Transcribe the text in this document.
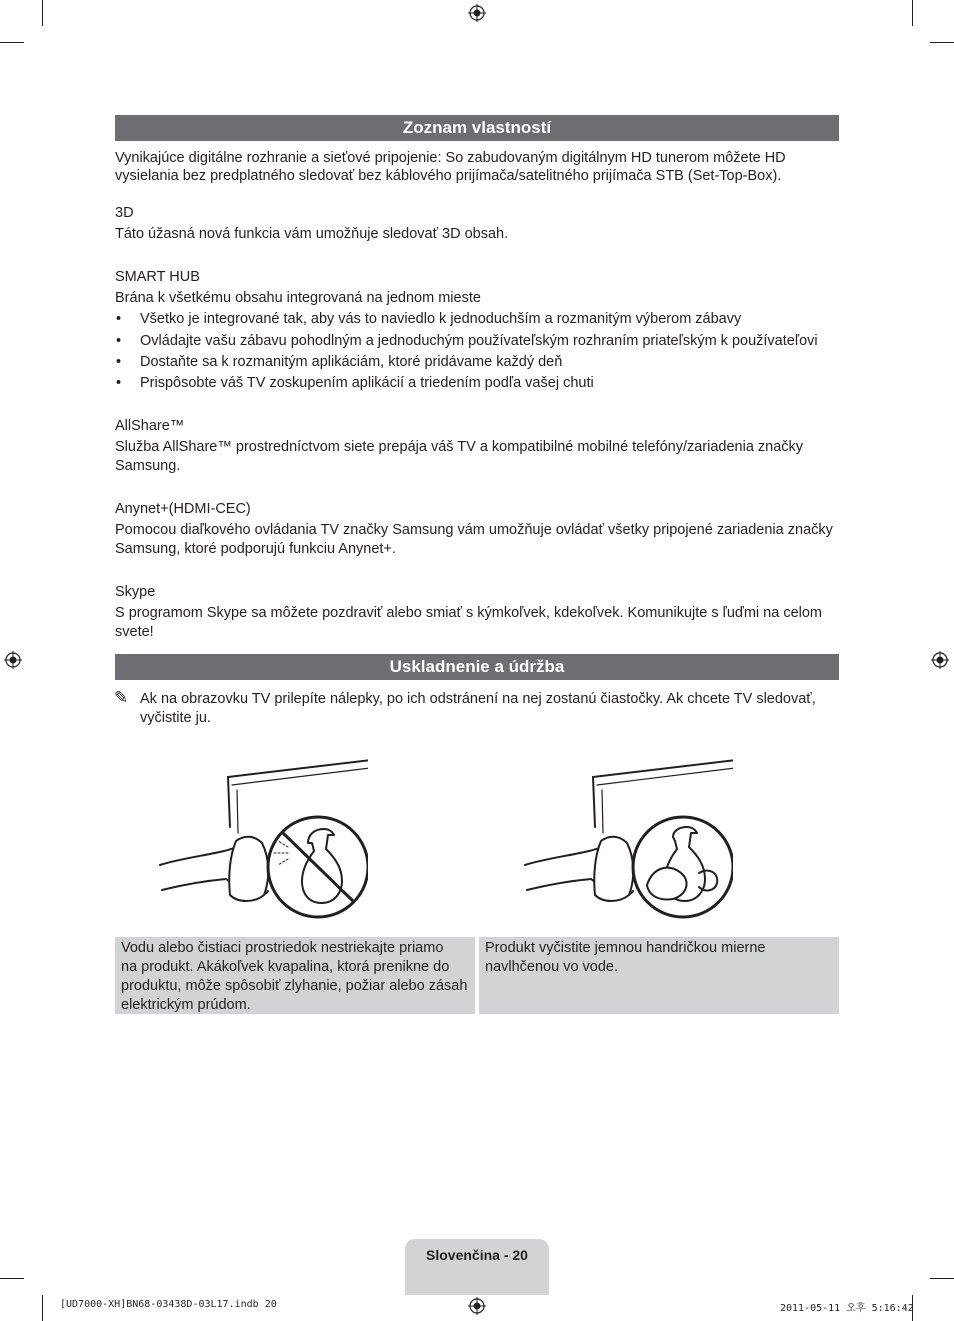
Zoznam vlastností
Vynikajúce digitálne rozhranie a sieťové pripojenie: So zabudovaným digitálnym HD tunerom môžete HD
vysielania bez predplatného sledovať bez káblového prijímača/satelitného prijímača STB (Set-Top-Box).
3D
Táto úžasná nová funkcia vám umožňuje sledovať 3D obsah.
SMART HUB
Brána k všetkému obsahu integrovaná na jednom mieste
• Všetko je integrované tak, aby vás to naviedlo k jednoduchším a rozmanitým výberom zábavy
• Ovládajte vašu zábavu pohodlným a jednoduchým používateľským rozhraním priateľským k používateľovi
• Dostaňte sa k rozmanitým aplikáciám, ktoré pridávame každý deň
• Prispôsobte váš TV zoskupením aplikácií a triedením podľa vašej chuti
AllShare™
Služba AllShare™ prostredníctvom siete prepája váš TV a kompatibilné mobilné telefóny/zariadenia značky
Samsung.
Anynet+(HDMI-CEC)
Pomocou diaľkového ovládania TV značky Samsung vám umožňuje ovládať všetky pripojené zariadenia značky
Samsung, ktoré podporujú funkciu Anynet+.
Skype
S programom Skype sa môžete pozdraviť alebo smiať s kýmkoľvek, kdekoľvek. Komunikujte s ľuďmi na celom
svete!
Uskladnenie a údržba
✎ Ak na obrazovku TV prilepíte nálepky, po ich odstránení na nej zostanú čiastočky. Ak chcete TV sledovať,
vyčistite ju.
Vodu alebo čistiaci prostriedok nestriekajte priamo
na produkt. Akákoľvek kvapalina, ktorá prenikne do
produktu, môže spôsobiť zlyhanie, požiar alebo zásah
elektrickým prúdom.
Produkt vyčistite jemnou handričkou mierne
navlhčenou vo vode.
Slovenčina - 20
[UD7000-XH]BN68-03438D-03L17.indb 20	2011-05-11 오후 5:16:42
